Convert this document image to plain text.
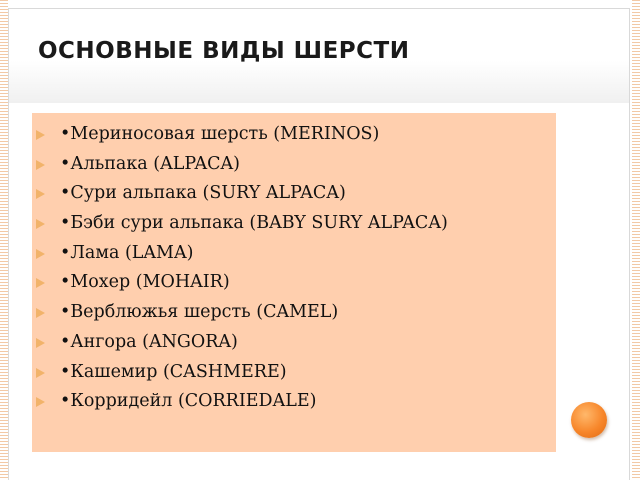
ОСНОВНЫЕ ВИДЫ ШЕРСТИ
•Мериносовая шерсть (MERINOS)
•Альпака (ALPACA)
•Сури альпака (SURY ALPACA)
•Бэби сури альпака (BABY SURY ALPACA)
•Лама (LAMA)
•Мохер (MOHAIR)
•Верблюжья шерсть (CAMEL)
•Ангора (ANGORA)
•Кашемир (CASHMERE)
•Корридейл (CORRIEDALE)
